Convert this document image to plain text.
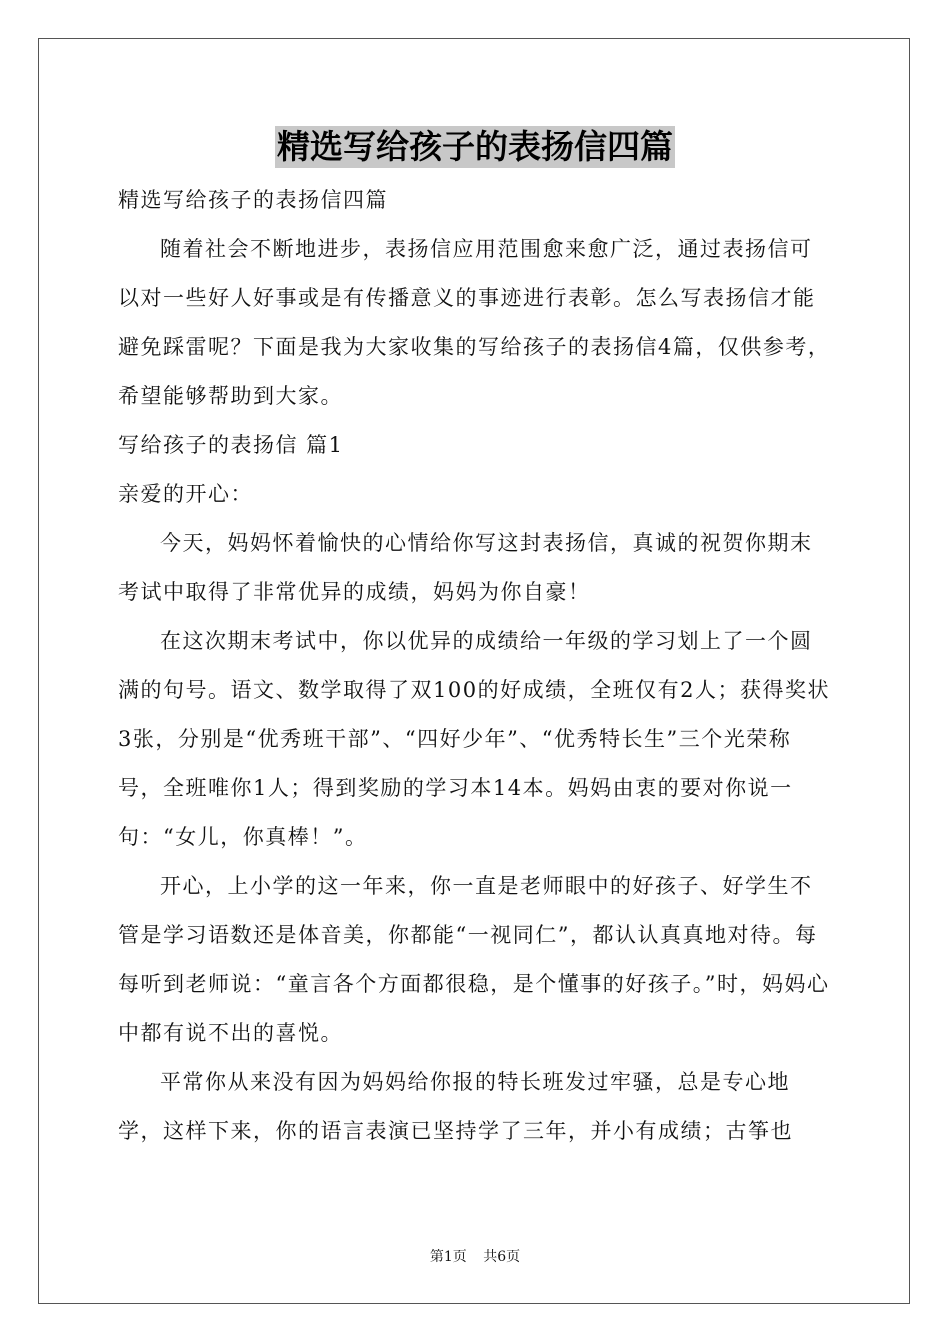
精选写给孩子的表扬信四篇

精选写给孩子的表扬信四篇

随着社会不断地进步，表扬信应用范围愈来愈广泛，通过表扬信可以对一些好人好事或是有传播意义的事迹进行表彰。怎么写表扬信才能避免踩雷呢？下面是我为大家收集的写给孩子的表扬信4篇，仅供参考，希望能够帮助到大家。

写给孩子的表扬信 篇1

亲爱的开心：

今天，妈妈怀着愉快的心情给你写这封表扬信，真诚的祝贺你期末考试中取得了非常优异的成绩，妈妈为你自豪！

在这次期末考试中，你以优异的成绩给一年级的学习划上了一个圆满的句号。语文、数学取得了双100的好成绩，全班仅有2人；获得奖状3张，分别是“优秀班干部”、“四好少年”、“优秀特长生”三个光荣称号，全班唯你1人；得到奖励的学习本14本。妈妈由衷的要对你说一句：“女儿，你真棒！”。

开心，上小学的这一年来，你一直是老师眼中的好孩子、好学生不管是学习语数还是体音美，你都能“一视同仁”，都认认真真地对待。每每听到老师说：“童言各个方面都很稳，是个懂事的好孩子。”时，妈妈心中都有说不出的喜悦。

平常你从来没有因为妈妈给你报的特长班发过牢骚，总是专心地学，这样下来，你的语言表演已坚持学了三年，并小有成绩；古筝也

第1页 共6页
